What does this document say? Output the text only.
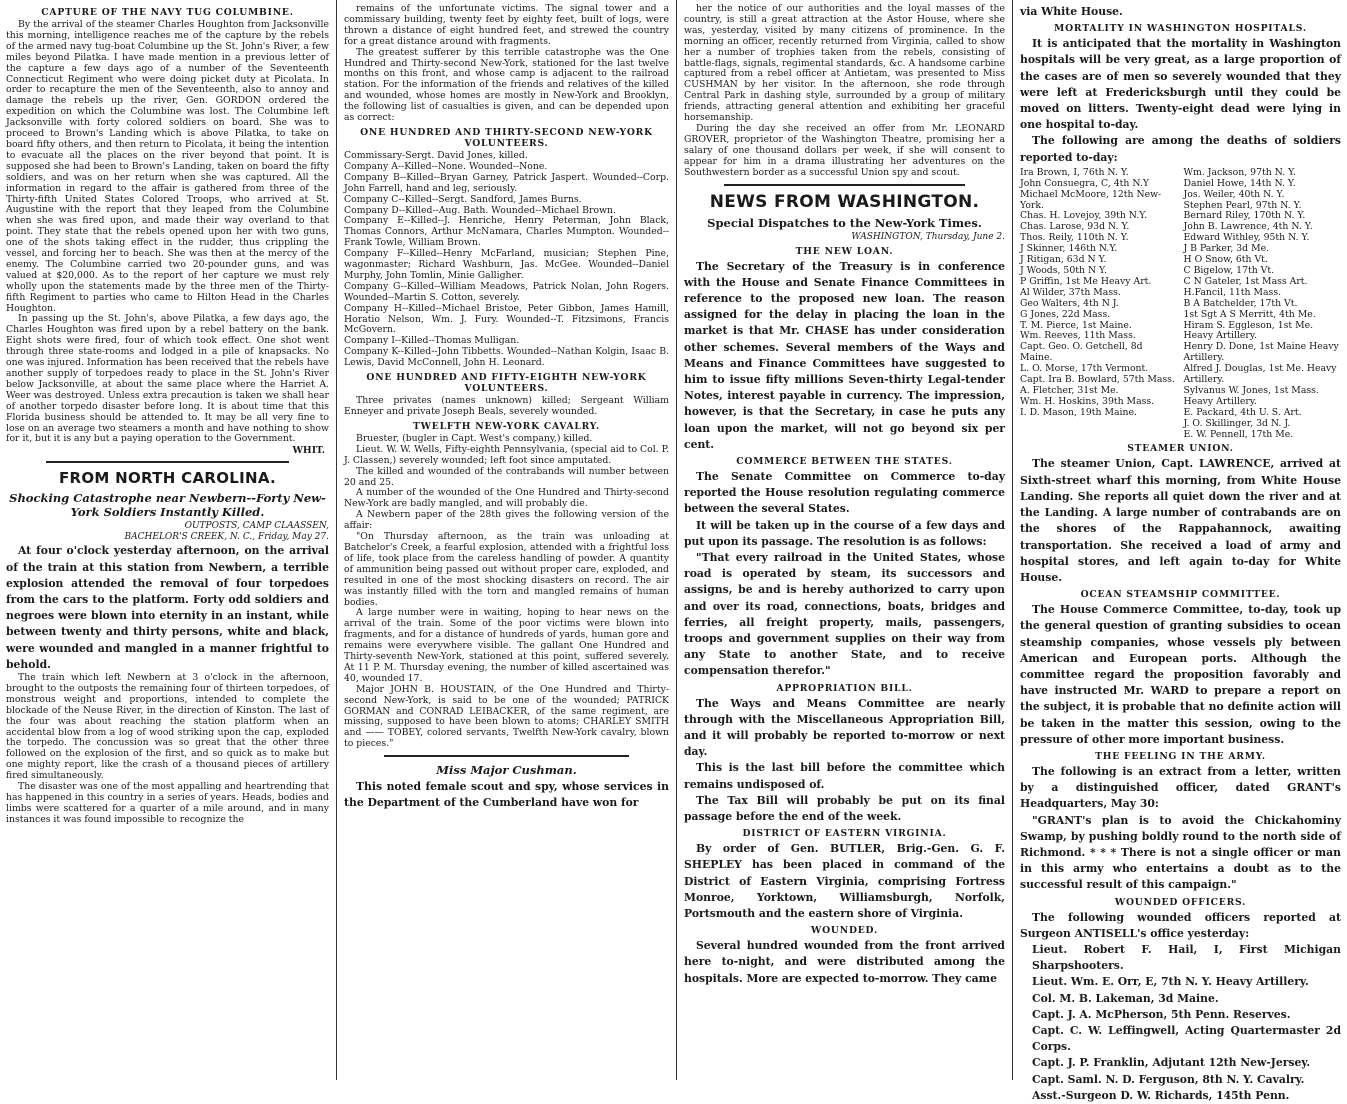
CAPTURE OF THE NAVY TUG COLUMBINE.

By the arrival of the steamer Charles Houghton from Jacksonville this morning, intelligence reaches me of the capture by the rebels of the armed navy tug-boat Columbine up the St. John's River, a few miles beyond Pilatka. I have made mention in a previous letter of the capture a few days ago of a number of the Seventeenth Connecticut Regiment who were doing picket duty at Picolata. In order to recapture the men of the Seventeenth, also to annoy and damage the rebels up the river, Gen. GORDON ordered the expedition on which the Columbine was lost. The Columbine left Jacksonville with forty colored soldiers on board. She was to proceed to Brown's Landing which is above Pilatka, to take on board fifty others, and then return to Picolata, it being the intention to evacuate all the places on the river beyond that point. It is supposed she had been to Brown's Landing, taken on board the fifty soldiers, and was on her return when she was captured. All the information in regard to the affair is gathered from three of the Thirty-fifth United States Colored Troops, who arrived at St. Augustine with the report that they leaped from the Columbine when she was fired upon, and made their way overland to that point. They state that the rebels opened upon her with two guns, one of the shots taking effect in the rudder, thus crippling the vessel, and forcing her to beach. She was then at the mercy of the enemy. The Columbine carried two 20-pounder guns, and was valued at $20,000. As to the report of her capture we must rely wholly upon the statements made by the three men of the Thirty-fifth Regiment to parties who came to Hilton Head in the Charles Houghton.

In passing up the St. John's, above Pilatka, a few days ago, the Charles Houghton was fired upon by a rebel battery on the bank. Eight shots were fired, four of which took effect. One shot went through three state-rooms and lodged in a pile of knapsacks. No one was injured. Information has been received that the rebels have another supply of torpedoes ready to place in the St. John's River below Jacksonville, at about the same place where the Harriet A. Weer was destroyed. Unless extra precaution is taken we shall hear of another torpedo disaster before long. It is about time that this Florida business should be attended to. It may be all very fine to lose on an average two steamers a month and have nothing to show for it, but it is any but a paying operation to the Government.

WHIT.
FROM NORTH CAROLINA.
Shocking Catastrophe near Newbern--Forty New-York Soldiers Instantly Killed.
OUTPOSTS, CAMP CLAASSEN,
BACHELOR'S CREEK, N. C., Friday, May 27.

At four o'clock yesterday afternoon, on the arrival of the train at this station from Newbern, a terrible explosion attended the removal of four torpedoes from the cars to the platform. Forty odd soldiers and negroes were blown into eternity in an instant, while between twenty and thirty persons, white and black, were wounded and mangled in a manner frightful to behold.

The train which left Newbern at 3 o'clock in the afternoon, brought to the outposts the remaining four of thirteen torpedoes, of monstrous weight and proportions, intended to complete the blockade of the Neuse River, in the direction of Kinston. The last of the four was about reaching the station platform when an accidental blow from a log of wood striking upon the cap, exploded the torpedo. The concussion was so great that the other three followed on the explosion of the first, and so quick as to make but one mighty report, like the crash of a thousand pieces of artillery fired simultaneously.

The disaster was one of the most appalling and heartrending that has happened in this country in a series of years. Heads, bodies and limbs were scattered for a quarter of a mile around, and in many instances it was found impossible to recognize the

remains of the unfortunate victims. The signal tower and a commissary building, twenty feet by eighty feet, built of logs, were thrown a distance of eight hundred feet, and strewed the country for a great distance around with fragments.

The greatest sufferer by this terrible catastrophe was the One Hundred and Thirty-second New-York, stationed for the last twelve months on this front, and whose camp is adjacent to the railroad station. For the information of the friends and relatives of the killed and wounded, whose homes are mostly in New-York and Brooklyn, the following list of casualties is given, and can be depended upon as correct:

ONE HUNDRED AND THIRTY-SECOND NEW-YORK VOLUNTEERS.

Commissary-Sergt. David Jones, killed.

Company A--Killed--None. Wounded--None.

Company B--Killed--Bryan Garney, Patrick Jaspert. Wounded--Corp. John Farrell, hand and leg, seriously.

Company C--Killed--Sergt. Sandford, James Burns.

Company D--Killed--Aug. Bath. Wounded--Michael Brown.

Company E--Killed--J. Henriche, Henry Peterman, John Black, Thomas Connors, Arthur McNamara, Charles Mumpton. Wounded--Frank Towle, William Brown.

Company F--Killed--Henry McFarland, musician; Stephen Pine, wagonmaster; Richard Washburn, Jas. McGee. Wounded--Daniel Murphy, John Tomlin, Minie Galligher.

Company G--Killed--William Meadows, Patrick Nolan, John Rogers. Wounded--Martin S. Cotton, severely.

Company H--Killed--Michael Bristoe, Peter Gibbon, James Hamill, Horatio Nelson, Wm. J. Fury. Wounded--T. Fitzsimons, Francis McGovern.

Company I--Killed--Thomas Mulligan.

Company K--Killed--John Tibbetts. Wounded--Nathan Kolgin, Isaac B. Lewis, David McConnell, John H. Leonard.

ONE HUNDRED AND FIFTY-EIGHTH NEW-YORK VOLUNTEERS.

Three privates (names unknown) killed; Sergeant William Enneyer and private Joseph Beals, severely wounded.

TWELFTH NEW-YORK CAVALRY.

Bruester, (bugler in Capt. West's company,) killed.

Lieut. W. W. Wells, Fifty-eighth Pennsylvania, (special aid to Col. P. J. Classen,) severely wounded; left foot since amputated.

The killed and wounded of the contrabands will number between 20 and 25.

A number of the wounded of the One Hundred and Thirty-second New-York are badly mangled, and will probably die.

A Newbern paper of the 28th gives the following version of the affair:

"On Thursday afternoon, as the train was unloading at Batchelor's Creek, a fearful explosion, attended with a frightful loss of life, took place from the careless handling of powder. A quantity of ammunition being passed out without proper care, exploded, and resulted in one of the most shocking disasters on record. The air was instantly filled with the torn and mangled remains of human bodies.

A large number were in waiting, hoping to hear news on the arrival of the train. Some of the poor victims were blown into fragments, and for a distance of hundreds of yards, human gore and remains were everywhere visible. The gallant One Hundred and Thirty-seventh New-York, stationed at this point, suffered severely. At 11 P. M. Thursday evening, the number of killed ascertained was 40, wounded 17.

Major JOHN B. HOUSTAIN, of the One Hundred and Thirty-second New-York, is said to be one of the wounded; PATRICK GORMAN and CONRAD LEIBACKER, of the same regiment, are missing, supposed to have been blown to atoms; CHARLEY SMITH and —— TOBEY, colored servants, Twelfth New-York cavalry, blown to pieces."

Miss Major Cushman.

This noted female scout and spy, whose services in the Department of the Cumberland have won for

her the notice of our authorities and the loyal masses of the country, is still a great attraction at the Astor House, where she was, yesterday, visited by many citizens of prominence. In the morning an officer, recently returned from Virginia, called to show her a number of trophies taken from the rebels, consisting of battle-flags, signals, regimental standards, &c. A handsome carbine captured from a rebel officer at Antietam, was presented to Miss CUSHMAN by her visitor. In the afternoon, she rode through Central Park in dashing style, surrounded by a group of military friends, attracting general attention and exhibiting her graceful horsemanship.

During the day she received an offer from Mr. LEONARD GROVER, proprietor of the Washington Theatre, promising her a salary of one thousand dollars per week, if she will consent to appear for him in a drama illustrating her adventures on the Southwestern border as a successful Union spy and scout.

NEWS FROM WASHINGTON.
Special Dispatches to the New-York Times.
WASHINGTON, Thursday, June 2.
THE NEW LOAN.

The Secretary of the Treasury is in conference with the House and Senate Finance Committees in reference to the proposed new loan. The reason assigned for the delay in placing the loan in the market is that Mr. CHASE has under consideration other schemes. Several members of the Ways and Means and Finance Committees have suggested to him to issue fifty millions Seven-thirty Legal-tender Notes, interest payable in currency. The impression, however, is that the Secretary, in case he puts any loan upon the market, will not go beyond six per cent.

COMMERCE BETWEEN THE STATES.

The Senate Committee on Commerce to-day reported the House resolution regulating commerce between the several States.

It will be taken up in the course of a few days and put upon its passage. The resolution is as follows:

"That every railroad in the United States, whose road is operated by steam, its successors and assigns, be and is hereby authorized to carry upon and over its road, connections, boats, bridges and ferries, all freight property, mails, passengers, troops and government supplies on their way from any State to another State, and to receive compensation therefor."

APPROPRIATION BILL.

The Ways and Means Committee are nearly through with the Miscellaneous Appropriation Bill, and it will probably be reported to-morrow or next day.

This is the last bill before the committee which remains undisposed of.

The Tax Bill will probably be put on its final passage before the end of the week.

DISTRICT OF EASTERN VIRGINIA.

By order of Gen. BUTLER, Brig.-Gen. G. F. SHEPLEY has been placed in command of the District of Eastern Virginia, comprising Fortress Monroe, Yorktown, Williamsburgh, Norfolk, Portsmouth and the eastern shore of Virginia.

WOUNDED.

Several hundred wounded from the front arrived here to-night, and were distributed among the hospitals. More are expected to-morrow. They came

via White House.

MORTALITY IN WASHINGTON HOSPITALS.

It is anticipated that the mortality in Washington hospitals will be very great, as a large proportion of the cases are of men so severely wounded that they were left at Fredericksburgh until they could be moved on litters. Twenty-eight dead were lying in one hospital to-day.

The following are among the deaths of soldiers reported to-day:

Ira Brown, I, 76th N. Y.
John Consuegra, C, 4th N.Y
Michael McMoore, 12th New-York.
Chas. H. Lovejoy, 39th N.Y.
Chas. Larose, 93d N. Y.
Thos. Reily, 110th N. Y.
J Skinner, 146th N.Y.
J Ritigan, 63d N Y.
J Woods, 50th N Y.
P Griffin, 1st Me Heavy Art.
Al Wilder, 37th Mass.
Geo Walters, 4th N J.
G Jones, 22d Mass.
T. M. Pierce, 1st Maine.
Wm. Reeves, 11th Mass.
Capt. Geo. O. Getchell, 8d Maine.
L. O. Morse, 17th Vermont.
Capt. Ira B. Bowlard, 57th Mass.
A. Fletcher, 31st Me.
Wm. H. Hoskins, 39th Mass.
I. D. Mason, 19th Maine.
Wm. Jackson, 97th N. Y.
Daniel Howe, 14th N. Y.
Jos. Weiler, 40th N. Y.
Stephen Pearl, 97th N. Y.
Bernard Riley, 170th N. Y.
John B. Lawrence, 4th N. Y.
Edward Withley, 95th N. Y.
J B Parker, 3d Me.
H O Snow, 6th Vt.
C Bigelow, 17th Vt.
C N Gateler, 1st Mass Art.
H.Fancil, 11th Mass.
B A Batchelder, 17th Vt.
1st Sgt A S Merritt, 4th Me.
Hiram S. Eggleson, 1st Me. Heavy Artillery.
Henry D. Done, 1st Maine Heavy Artillery.
Alfred J. Douglas, 1st Me. Heavy Artillery.
Sylvanus W. Jones, 1st Mass. Heavy Artillery.
E. Packard, 4th U. S. Art.
J. O. Skillinger, 3d N. J.
E. W. Pennell, 17th Me.
STEAMER UNION.

The steamer Union, Capt. LAWRENCE, arrived at Sixth-street wharf this morning, from White House Landing. She reports all quiet down the river and at the Landing. A large number of contrabands are on the shores of the Rappahannock, awaiting transportation. She received a load of army and hospital stores, and left again to-day for White House.

OCEAN STEAMSHIP COMMITTEE.

The House Commerce Committee, to-day, took up the general question of granting subsidies to ocean steamship companies, whose vessels ply between American and European ports. Although the committee regard the proposition favorably and have instructed Mr. WARD to prepare a report on the subject, it is probable that no definite action will be taken in the matter this session, owing to the pressure of other more important business.

THE FEELING IN THE ARMY.

The following is an extract from a letter, written by a distinguished officer, dated GRANT's Headquarters, May 30:

"GRANT's plan is to avoid the Chickahominy Swamp, by pushing boldly round to the north side of Richmond. * * * There is not a single officer or man in this army who entertains a doubt as to the successful result of this campaign."

WOUNDED OFFICERS.

The following wounded officers reported at Surgeon ANTISELL's office yesterday:

Lieut. Robert F. Hail, I, First Michigan Sharpshooters.

Lieut. Wm. E. Orr, E, 7th N. Y. Heavy Artillery.

Col. M. B. Lakeman, 3d Maine.

Capt. J. A. McPherson, 5th Penn. Reserves.

Capt. C. W. Leffingwell, Acting Quartermaster 2d Corps.

Capt. J. P. Franklin, Adjutant 12th New-Jersey.

Capt. Saml. N. D. Ferguson, 8th N. Y. Cavalry.

Asst.-Surgeon D. W. Richards, 145th Penn.
